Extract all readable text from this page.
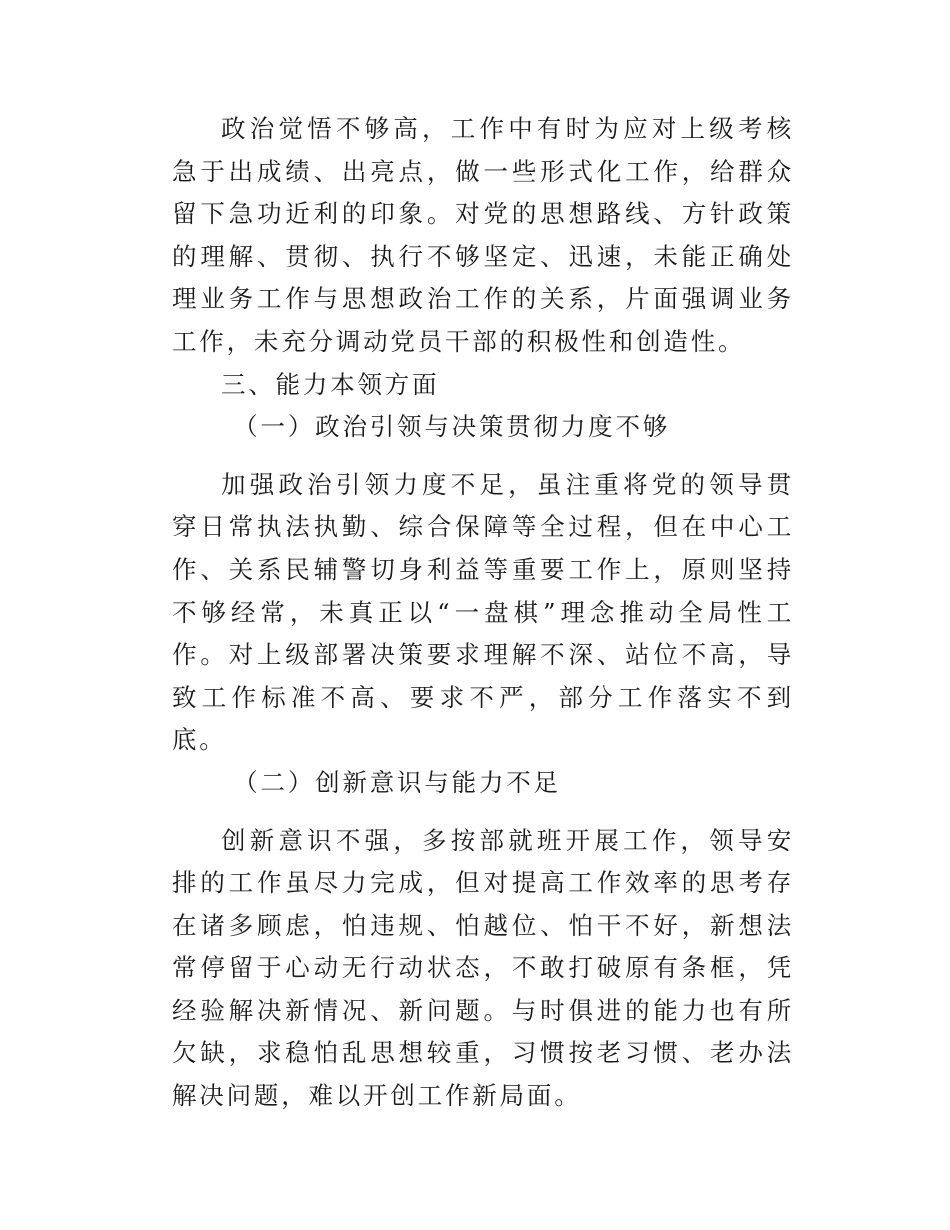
政治觉悟不够高，工作中有时为应对上级考核急于出成绩、出亮点，做一些形式化工作，给群众留下急功近利的印象。对党的思想路线、方针政策的理解、贯彻、执行不够坚定、迅速，未能正确处理业务工作与思想政治工作的关系，片面强调业务工作，未充分调动党员干部的积极性和创造性。

三、能力本领方面

（一）政治引领与决策贯彻力度不够

加强政治引领力度不足，虽注重将党的领导贯穿日常执法执勤、综合保障等全过程，但在中心工作、关系民辅警切身利益等重要工作上，原则坚持不够经常，未真正以“一盘棋”理念推动全局性工作。对上级部署决策要求理解不深、站位不高，导致工作标准不高、要求不严，部分工作落实不到底。

（二）创新意识与能力不足

创新意识不强，多按部就班开展工作，领导安排的工作虽尽力完成，但对提高工作效率的思考存在诸多顾虑，怕违规、怕越位、怕干不好，新想法常停留于心动无行动状态，不敢打破原有条框，凭经验解决新情况、新问题。与时俱进的能力也有所欠缺，求稳怕乱思想较重，习惯按老习惯、老办法解决问题，难以开创工作新局面。
